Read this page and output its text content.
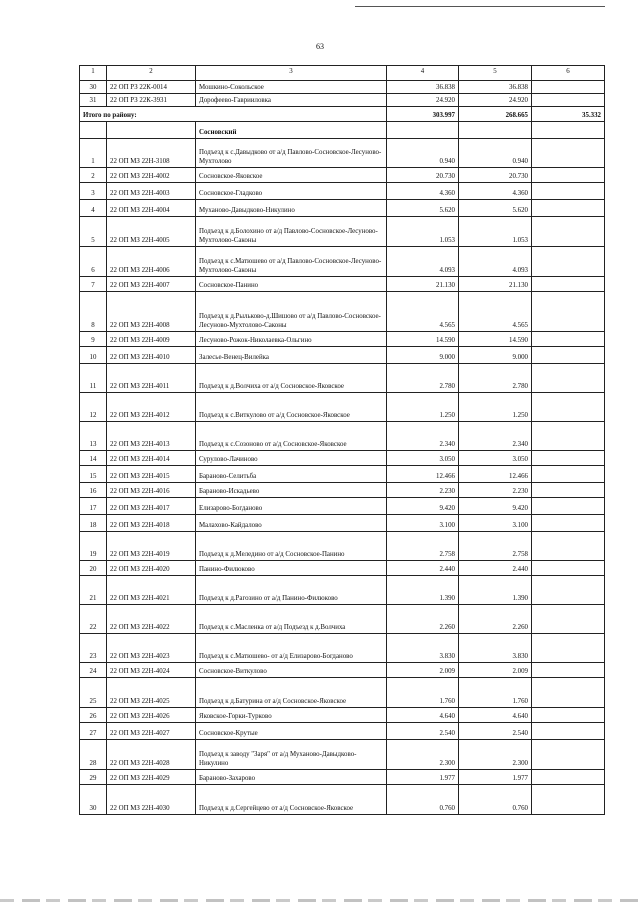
63
1	2	3	4	5	6
30	22 ОП РЗ 22К-0014	Мошкино-Сокольское	36.838	36.838	
31	22 ОП РЗ 22К-3931	Дорофеево-Гаврииловка	24.920	24.920	
Итого по району:			303.997	268.665	35.332
		Сосновский			
1	22 ОП МЗ 22Н-3108	Подъезд к с.Давыдково от а/д Павлово-Сосновское-Лесуново-Мухтолово	0.940	0.940	
2	22 ОП МЗ 22Н-4002	Сосновское-Яковское	20.730	20.730	
3	22 ОП МЗ 22Н-4003	Сосновское-Гладково	4.360	4.360	
4	22 ОП МЗ 22Н-4004	Мухановo-Давыдково-Никулино	5.620	5.620	
5	22 ОП МЗ 22Н-4005	Подъезд к д.Болохино от а/д Павлово-Сосновское-Лесуново-Мухтолово-Саконы	1.053	1.053	
6	22 ОП МЗ 22Н-4006	Подъезд к с.Матюшево от а/д Павлово-Сосновское-Лесуново-Мухтолово-Саконы	4.093	4.093	
7	22 ОП МЗ 22Н-4007	Сосновское-Панино	21.130	21.130	
8	22 ОП МЗ 22Н-4008	Подъезд к д.Рыльково-д.Шишово от а/д Павлово-Сосновское-Лесуново-Мухтолово-Саконы	4.565	4.565	
9	22 ОП МЗ 22Н-4009	Лесуново-Рожок-Николаевка-Ольгино	14.590	14.590	
10	22 ОП МЗ 22Н-4010	Залесье-Венец-Вилейка	9.000	9.000	
11	22 ОП МЗ 22Н-4011	Подъезд к д.Волчиха от а/д Сосновское-Яковское	2.780	2.780	
12	22 ОП МЗ 22Н-4012	Подъезд к с.Виткулово от а/д Сосновское-Яковское	1.250	1.250	
13	22 ОП МЗ 22Н-4013	Подъезд к с.Созоново от а/д Сосновское-Яковское	2.340	2.340	
14	22 ОП МЗ 22Н-4014	Сурулово-Лачиново	3.050	3.050	
15	22 ОП МЗ 22Н-4015	Бараново-Селитьба	12.466	12.466	
16	22 ОП МЗ 22Н-4016	Бараново-Искадьево	2.230	2.230	
17	22 ОП МЗ 22Н-4017	Елизарово-Богданово	9.420	9.420	
18	22 ОП МЗ 22Н-4018	Малахово-Кайдалово	3.100	3.100	
19	22 ОП МЗ 22Н-4019	Подъезд к д.Меледино от а/д Сосновское-Панино	2.758	2.758	
20	22 ОП МЗ 22Н-4020	Панино-Филюково	2.440	2.440	
21	22 ОП МЗ 22Н-4021	Подъезд к д.Рагозино от а/д Панино-Филюково	1.390	1.390	
22	22 ОП МЗ 22Н-4022	Подъезд к с.Масленка от а/д Подъезд к д.Волчиха	2.260	2.260	
23	22 ОП МЗ 22Н-4023	Подъезд к с.Матюшево- от а/д Елизарово-Богданово	3.830	3.830	
24	22 ОП МЗ 22Н-4024	Сосновское-Виткулово	2.009	2.009	
25	22 ОП МЗ 22Н-4025	Подъезд к д.Батурина от а/д Сосновское-Яковское	1.760	1.760	
26	22 ОП МЗ 22Н-4026	Яковское-Горки-Турково	4.640	4.640	
27	22 ОП МЗ 22Н-4027	Сосновское-Крутые	2.540	2.540	
28	22 ОП МЗ 22Н-4028	Подъезд к заводу "Заря" от а/д Муханово-Давыдково-Никулино	2.300	2.300	
29	22 ОП МЗ 22Н-4029	Бараново-Захарово	1.977	1.977	
30	22 ОП МЗ 22Н-4030	Подъезд к д.Сергейцево от а/д Сосновское-Яковское	0.760	0.760	
